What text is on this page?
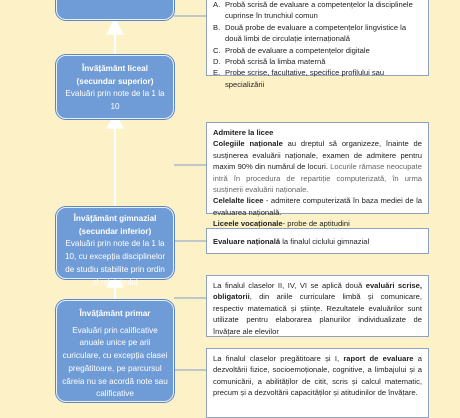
A. Probă scrisă de evaluare a competențelor la disciplinele cuprinse în trunchiul comun
B. Două probe de evaluare a competențelor lingvistice la două limbi de circulație internațională
C. Probă de evaluare a competențelor digitale
D. Probă scrisă la limba maternă
E. Probe scrise, facultative, specifice profilului sau specializării
Învățământ liceal
(secundar superior)
Evaluări prin note de la 1 la 10
Admitere la licee
Colegiile naționale au dreptul să organizeze, înainte de susținerea evaluării naționale, examen de admitere pentru maxim 90% din numărul de locuri. Locurile rămase neocupate intră în procedura de repartiție computerizată, în urma susținerii evaluării naționale.
Celelalte licee - admitere computerizată în baza mediei de la evaluarea națională.
Liceele vocaționale- probe de aptitudini
Învățământ gimnazial
(secundar inferior)
Evaluări prin note de la 1 la 10, cu excepția disciplinelor de studiu stabilite prin ordin al ministrului
Evaluare națională la finalul ciclului gimnazial
La finalul claselor II, IV, VI se aplică două evaluări scrise, obligatorii, din ariile curriculare limbă și comunicare, respectiv matematică și științe. Rezultatele evaluărilor sunt utilizate pentru elaborarea planurilor individualizate de învățare ale elevilor
Învățământ primar
Evaluări prin calificative anuale unice pe arii curiculare, cu excepția clasei pregătitoare, pe parcursul căreia nu se acordă note sau calificative
La finalul claselor pregătitoare și I, raport de evaluare a dezvoltării fizice, socioemoționale, cognitive, a limbajului și a comunicării, a abilităților de citit, scris și calcul matematic, precum și a dezvoltării capacităților și atitudinilor de învățare.
